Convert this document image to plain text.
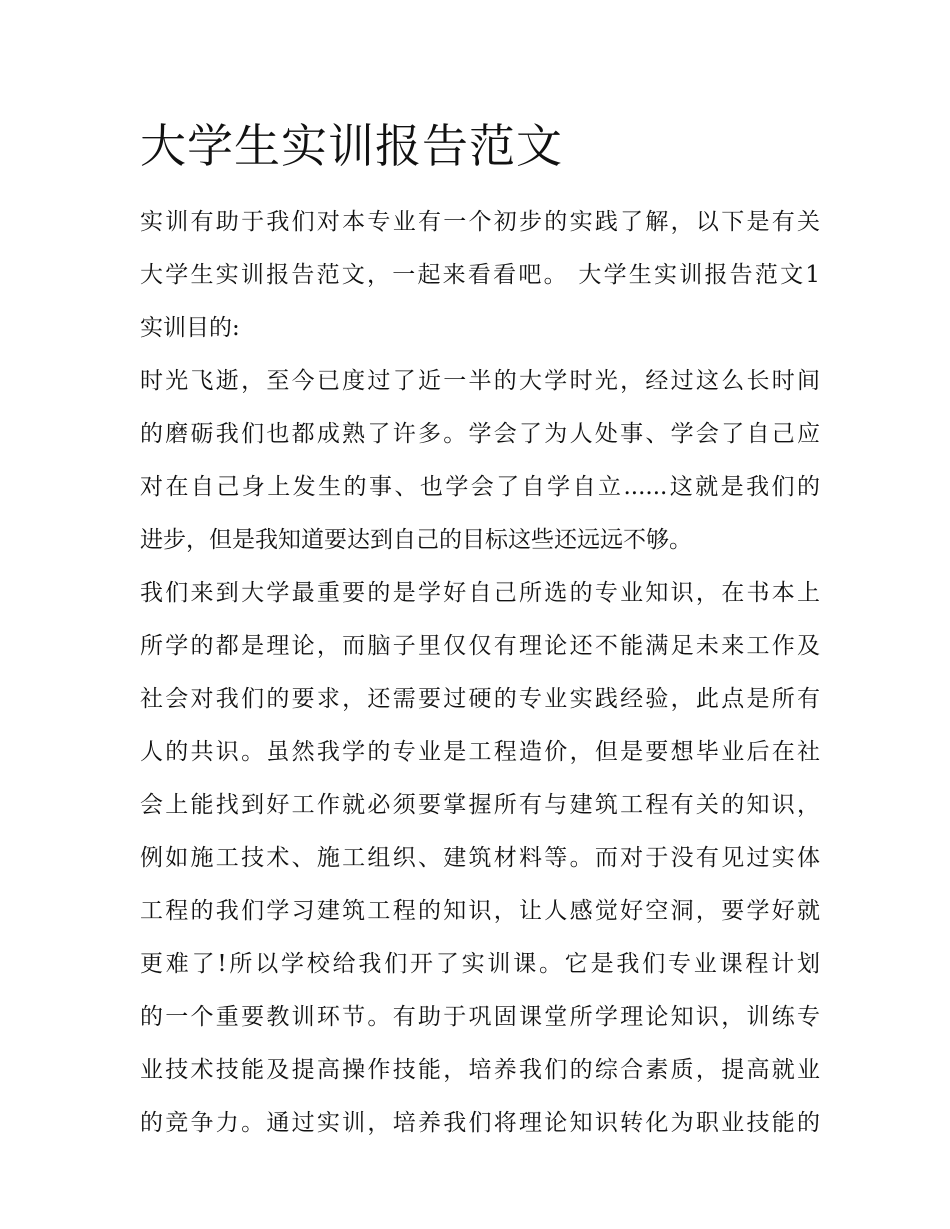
大学生实训报告范文
实训有助于我们对本专业有一个初步的实践了解，以下是有关
大学生实训报告范文，一起来看看吧。 大学生实训报告范文1
实训目的:
时光飞逝，至今已度过了近一半的大学时光，经过这么长时间
的磨砺我们也都成熟了许多。学会了为人处事、学会了自己应
对在自己身上发生的事、也学会了自学自立......这就是我们的
进步，但是我知道要达到自己的目标这些还远远不够。
我们来到大学最重要的是学好自己所选的专业知识，在书本上
所学的都是理论，而脑子里仅仅有理论还不能满足未来工作及
社会对我们的要求，还需要过硬的专业实践经验，此点是所有
人的共识。虽然我学的专业是工程造价，但是要想毕业后在社
会上能找到好工作就必须要掌握所有与建筑工程有关的知识，
例如施工技术、施工组织、建筑材料等。而对于没有见过实体
工程的我们学习建筑工程的知识，让人感觉好空洞，要学好就
更难了!所以学校给我们开了实训课。它是我们专业课程计划
的一个重要教训环节。有助于巩固课堂所学理论知识，训练专
业技术技能及提高操作技能，培养我们的综合素质，提高就业
的竞争力。通过实训，培养我们将理论知识转化为职业技能的
